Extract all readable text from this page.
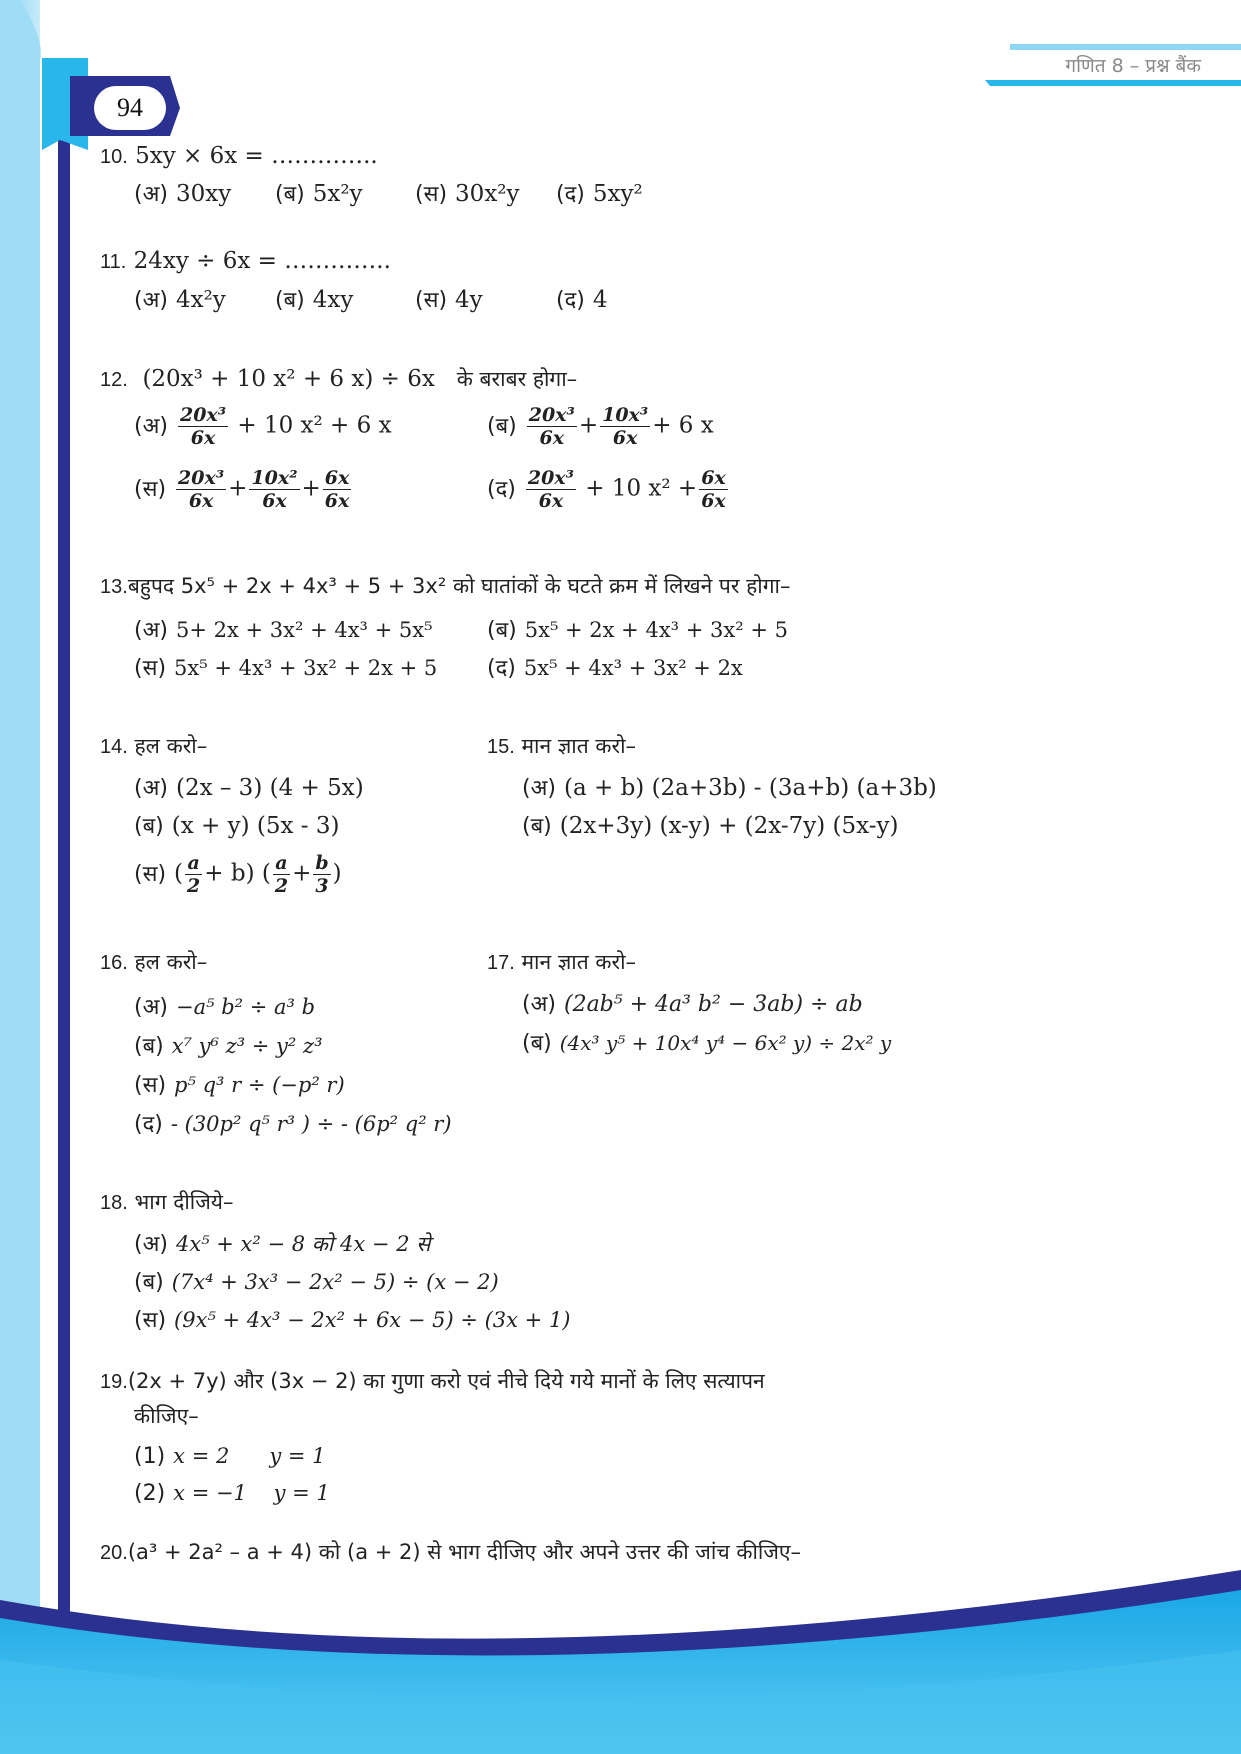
गणित 8 – प्रश्न बैंक
94
10. 5xy × 6x = …………..
(अ) 30xy (ब) 5x²y (स) 30x²y (द) 5xy²
11. 24xy ÷ 6x = …………..
(अ) 4x²y (ब) 4xy	(स) 4y	(द) 4
12. (20x³ + 10 x² + 6 x) ÷ 6x के बराबर होगा–
(अ) $\frac{\text{20x³}}{6x} + 10$ x² + 6 x	(ब) $\frac{\text{20x³}}{6x} + \frac{\text{10x³}}{6x} + 6$ x
(स) $\frac{\text{20x³}}{6x} + \frac{\text{10x²}}{6x} + \frac{6x}{6x}$	(द) $\frac{\text{20x³}}{6x} + 10$ $x^2 + \frac{6x}{6x}$
13.बहुपद 5x⁵ + 2x + 4x³ + 5 + 3x² को घातांकों के घटते क्रम में लिखने पर होगा–
(अ) 5+ 2x + 3x² + 4x³ + 5x⁵ (ब) 5x⁵ + 2x + 4x³ + 3x² + 5
(स) 5x⁵ + 4x³ + 3x² + 2x + 5 (द) 5x⁵ + 4x³ + 3x² + 2x
14. हल करो–
(अ) (2x – 3) (4 + 5x)
(ब) (x + y) (5x - 3)
(स) ( $\frac{a}{2} + b$) ( $\frac{a}{2} + \frac{b}{3}$ )
15. मान ज्ञात करो–
(अ) (a + b) (2a+3b) - (3a+b) (a+3b)
(ब) (2x+3y) (x-y) + (2x-7y) (5x-y)
16. हल करो–
(अ) −a⁵ b² ÷ a³ b
(ब) x⁷ y⁶ z³ ÷ y² z³
(स) p⁵ q³ r ÷ (−p² r)
(द) - (30p² q⁵ r³ ) ÷ - (6p² q² r)
17. मान ज्ञात करो–
(अ) (2ab⁵ + 4a³ b² − 3ab) ÷ ab
(ब) (4x³ y⁵ + 10x⁴ y⁴ − 6x² y) ÷ 2x² y
18. भाग दीजिये–
(अ) 4x⁵ + x² − 8 को 4x − 2 से
(ब) (7x⁴ + 3x³ − 2x² − 5) ÷ (x − 2)
(स) (9x⁵ + 4x³ − 2x² + 6x − 5) ÷ (3x + 1)
19.(2x + 7y) और (3x − 2) का गुणा करो एवं नीचे दिये गये मानों के लिए सत्यापन
कीजिए–
(1) x = 2      y = 1
(2) x = −1    y = 1
20.(a³ + 2a² – a + 4) को (a + 2) से भाग दीजिए और अपने उत्तर की जांच कीजिए–
